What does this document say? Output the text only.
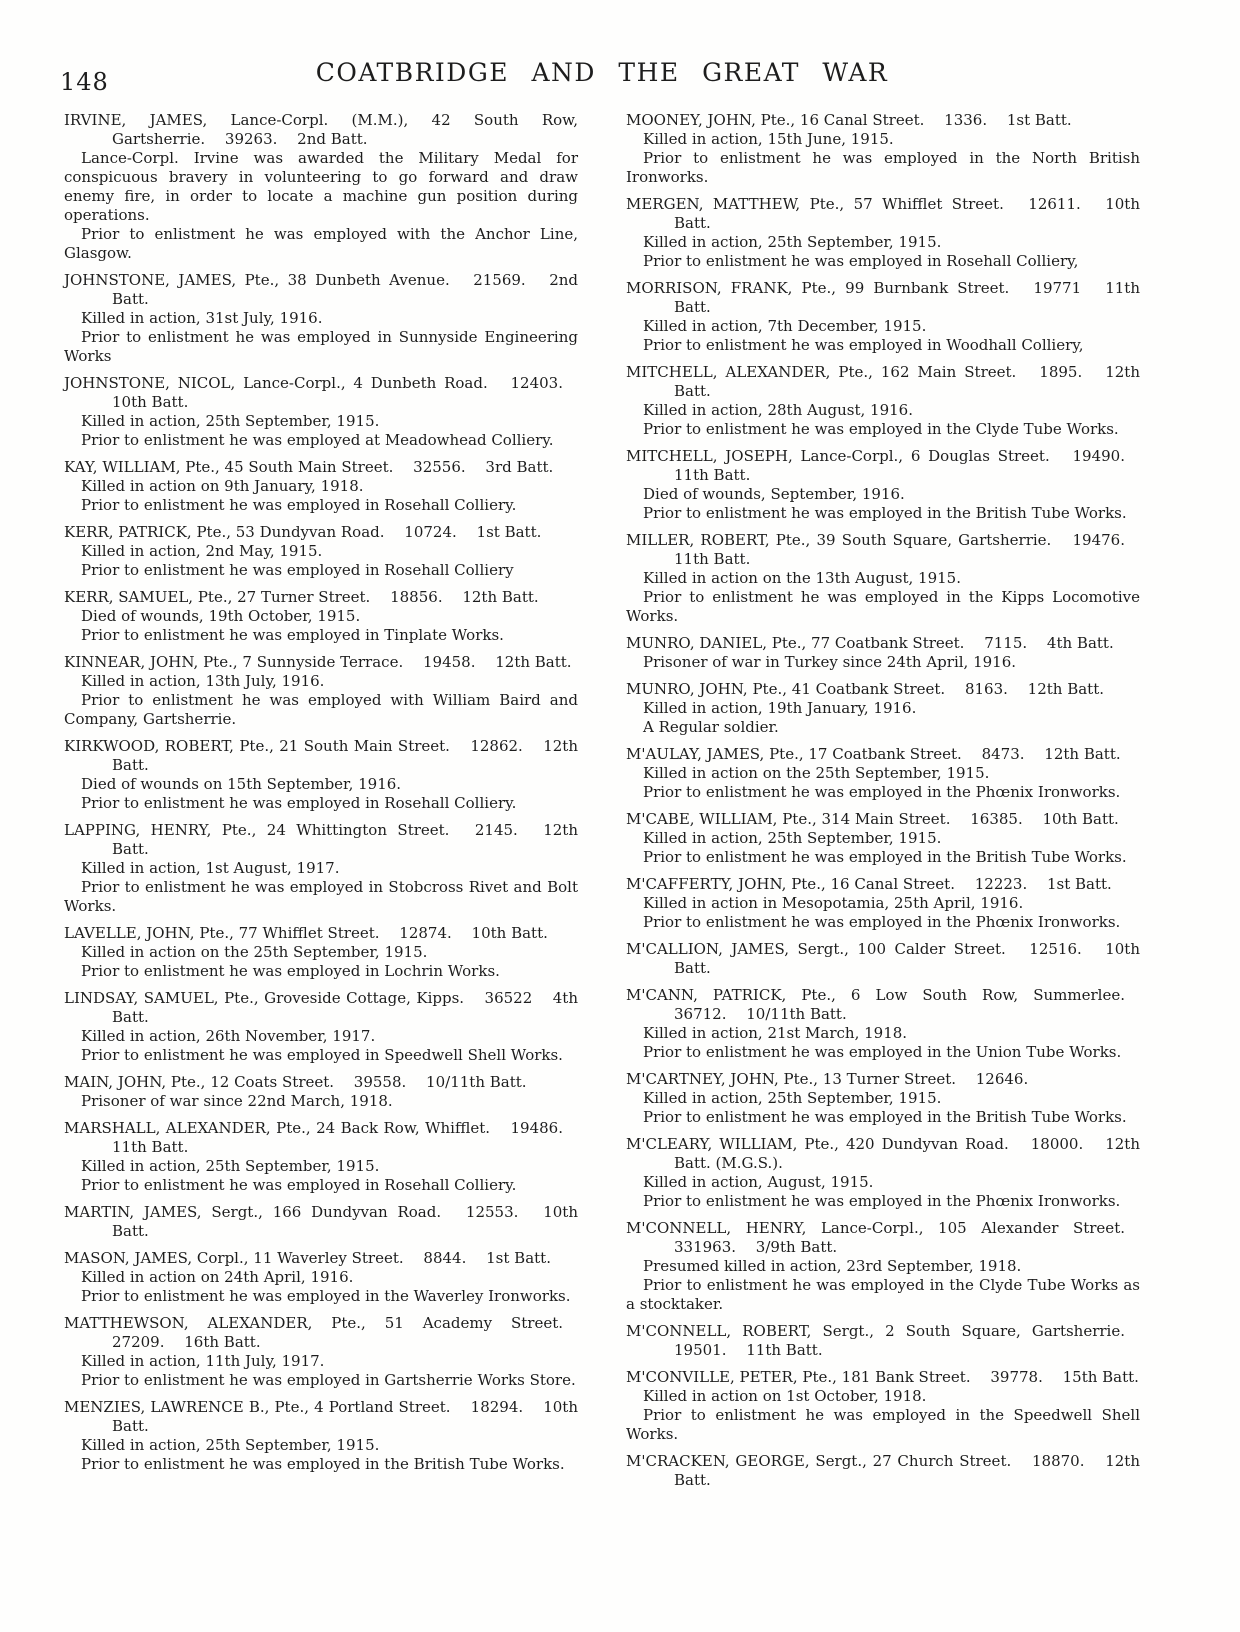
148	COATBRIDGE AND THE GREAT WAR

IRVINE, JAMES, Lance-Corpl. (M.M.), 42 South Row, Gartsherrie.  39263.  2nd Batt.

Lance-Corpl. Irvine was awarded the Military Medal for conspicuous bravery in volunteering to go forward and draw enemy fire, in order to locate a machine gun position during operations.

Prior to enlistment he was employed with the Anchor Line, Glasgow.

JOHNSTONE, JAMES, Pte., 38 Dunbeth Avenue.  21569.  2nd Batt.

Killed in action, 31st July, 1916.

Prior to enlistment he was employed in Sunnyside Engineering Works

JOHNSTONE, NICOL, Lance-Corpl., 4 Dunbeth Road.  12403.  10th Batt.

Killed in action, 25th September, 1915.

Prior to enlistment he was employed at Meadowhead Colliery.

KAY, WILLIAM, Pte., 45 South Main Street.  32556.  3rd Batt.

Killed in action on 9th January, 1918.

Prior to enlistment he was employed in Rosehall Colliery.

KERR, PATRICK, Pte., 53 Dundyvan Road.  10724.  1st Batt.

Killed in action, 2nd May, 1915.

Prior to enlistment he was employed in Rosehall Colliery

KERR, SAMUEL, Pte., 27 Turner Street.  18856.  12th Batt.

Died of wounds, 19th October, 1915.

Prior to enlistment he was employed in Tinplate Works.

KINNEAR, JOHN, Pte., 7 Sunnyside Terrace.  19458.  12th Batt.

Killed in action, 13th July, 1916.

Prior to enlistment he was employed with William Baird and Company, Gartsherrie.

KIRKWOOD, ROBERT, Pte., 21 South Main Street.  12862.  12th Batt.

Died of wounds on 15th September, 1916.

Prior to enlistment he was employed in Rosehall Colliery.

LAPPING, HENRY, Pte., 24 Whittington Street.  2145.  12th Batt.

Killed in action, 1st August, 1917.

Prior to enlistment he was employed in Stobcross Rivet and Bolt Works.

LAVELLE, JOHN, Pte., 77 Whifflet Street.  12874.  10th Batt.

Killed in action on the 25th September, 1915.

Prior to enlistment he was employed in Lochrin Works.

LINDSAY, SAMUEL, Pte., Groveside Cottage, Kipps.  36522  4th Batt.

Killed in action, 26th November, 1917.

Prior to enlistment he was employed in Speedwell Shell Works.

MAIN, JOHN, Pte., 12 Coats Street.  39558.  10/11th Batt.

Prisoner of war since 22nd March, 1918.

MARSHALL, ALEXANDER, Pte., 24 Back Row, Whifflet.  19486.  11th Batt.

Killed in action, 25th September, 1915.

Prior to enlistment he was employed in Rosehall Colliery.

MARTIN, JAMES, Sergt., 166 Dundyvan Road.  12553.  10th Batt.

MASON, JAMES, Corpl., 11 Waverley Street.  8844.  1st Batt.

Killed in action on 24th April, 1916.

Prior to enlistment he was employed in the Waverley Ironworks.

MATTHEWSON, ALEXANDER, Pte., 51 Academy Street.  27209.  16th Batt.

Killed in action, 11th July, 1917.

Prior to enlistment he was employed in Gartsherrie Works Store.

MENZIES, LAWRENCE B., Pte., 4 Portland Street.  18294.  10th Batt.

Killed in action, 25th September, 1915.

Prior to enlistment he was employed in the British Tube Works.

MOONEY, JOHN, Pte., 16 Canal Street.  1336.  1st Batt.

Killed in action, 15th June, 1915.

Prior to enlistment he was employed in the North British Ironworks.

MERGEN, MATTHEW, Pte., 57 Whifflet Street.  12611.  10th Batt.

Killed in action, 25th September, 1915.

Prior to enlistment he was employed in Rosehall Colliery,

MORRISON, FRANK, Pte., 99 Burnbank Street.  19771  11th Batt.

Killed in action, 7th December, 1915.

Prior to enlistment he was employed in Woodhall Colliery,

MITCHELL, ALEXANDER, Pte., 162 Main Street.  1895.  12th Batt.

Killed in action, 28th August, 1916.

Prior to enlistment he was employed in the Clyde Tube Works.

MITCHELL, JOSEPH, Lance-Corpl., 6 Douglas Street.  19490.  11th Batt.

Died of wounds, September, 1916.

Prior to enlistment he was employed in the British Tube Works.

MILLER, ROBERT, Pte., 39 South Square, Gartsherrie.  19476.  11th Batt.

Killed in action on the 13th August, 1915.

Prior to enlistment he was employed in the Kipps Locomotive Works.

MUNRO, DANIEL, Pte., 77 Coatbank Street.  7115.  4th Batt.

Prisoner of war in Turkey since 24th April, 1916.

MUNRO, JOHN, Pte., 41 Coatbank Street.  8163.  12th Batt.

Killed in action, 19th January, 1916.

A Regular soldier.

M'AULAY, JAMES, Pte., 17 Coatbank Street.  8473.  12th Batt.

Killed in action on the 25th September, 1915.

Prior to enlistment he was employed in the Phœnix Ironworks.

M'CABE, WILLIAM, Pte., 314 Main Street.  16385.  10th Batt.

Killed in action, 25th September, 1915.

Prior to enlistment he was employed in the British Tube Works.

M'CAFFERTY, JOHN, Pte., 16 Canal Street.  12223.  1st Batt.

Killed in action in Mesopotamia, 25th April, 1916.

Prior to enlistment he was employed in the Phœnix Ironworks.

M'CALLION, JAMES, Sergt., 100 Calder Street.  12516.  10th Batt.

M'CANN, PATRICK, Pte., 6 Low South Row, Summerlee.  36712.  10/11th Batt.

Killed in action, 21st March, 1918.

Prior to enlistment he was employed in the Union Tube Works.

M'CARTNEY, JOHN, Pte., 13 Turner Street.  12646.

Killed in action, 25th September, 1915.

Prior to enlistment he was employed in the British Tube Works.

M'CLEARY, WILLIAM, Pte., 420 Dundyvan Road.  18000.  12th Batt. (M.G.S.).

Killed in action, August, 1915.

Prior to enlistment he was employed in the Phœnix Ironworks.

M'CONNELL, HENRY, Lance-Corpl., 105 Alexander Street.  331963.  3/9th Batt.

Presumed killed in action, 23rd September, 1918.

Prior to enlistment he was employed in the Clyde Tube Works as a stocktaker.

M'CONNELL, ROBERT, Sergt., 2 South Square, Gartsherrie.  19501.  11th Batt.

M'CONVILLE, PETER, Pte., 181 Bank Street.  39778.  15th Batt.

Killed in action on 1st October, 1918.

Prior to enlistment he was employed in the Speedwell Shell Works.

M'CRACKEN, GEORGE, Sergt., 27 Church Street.  18870.  12th Batt.
